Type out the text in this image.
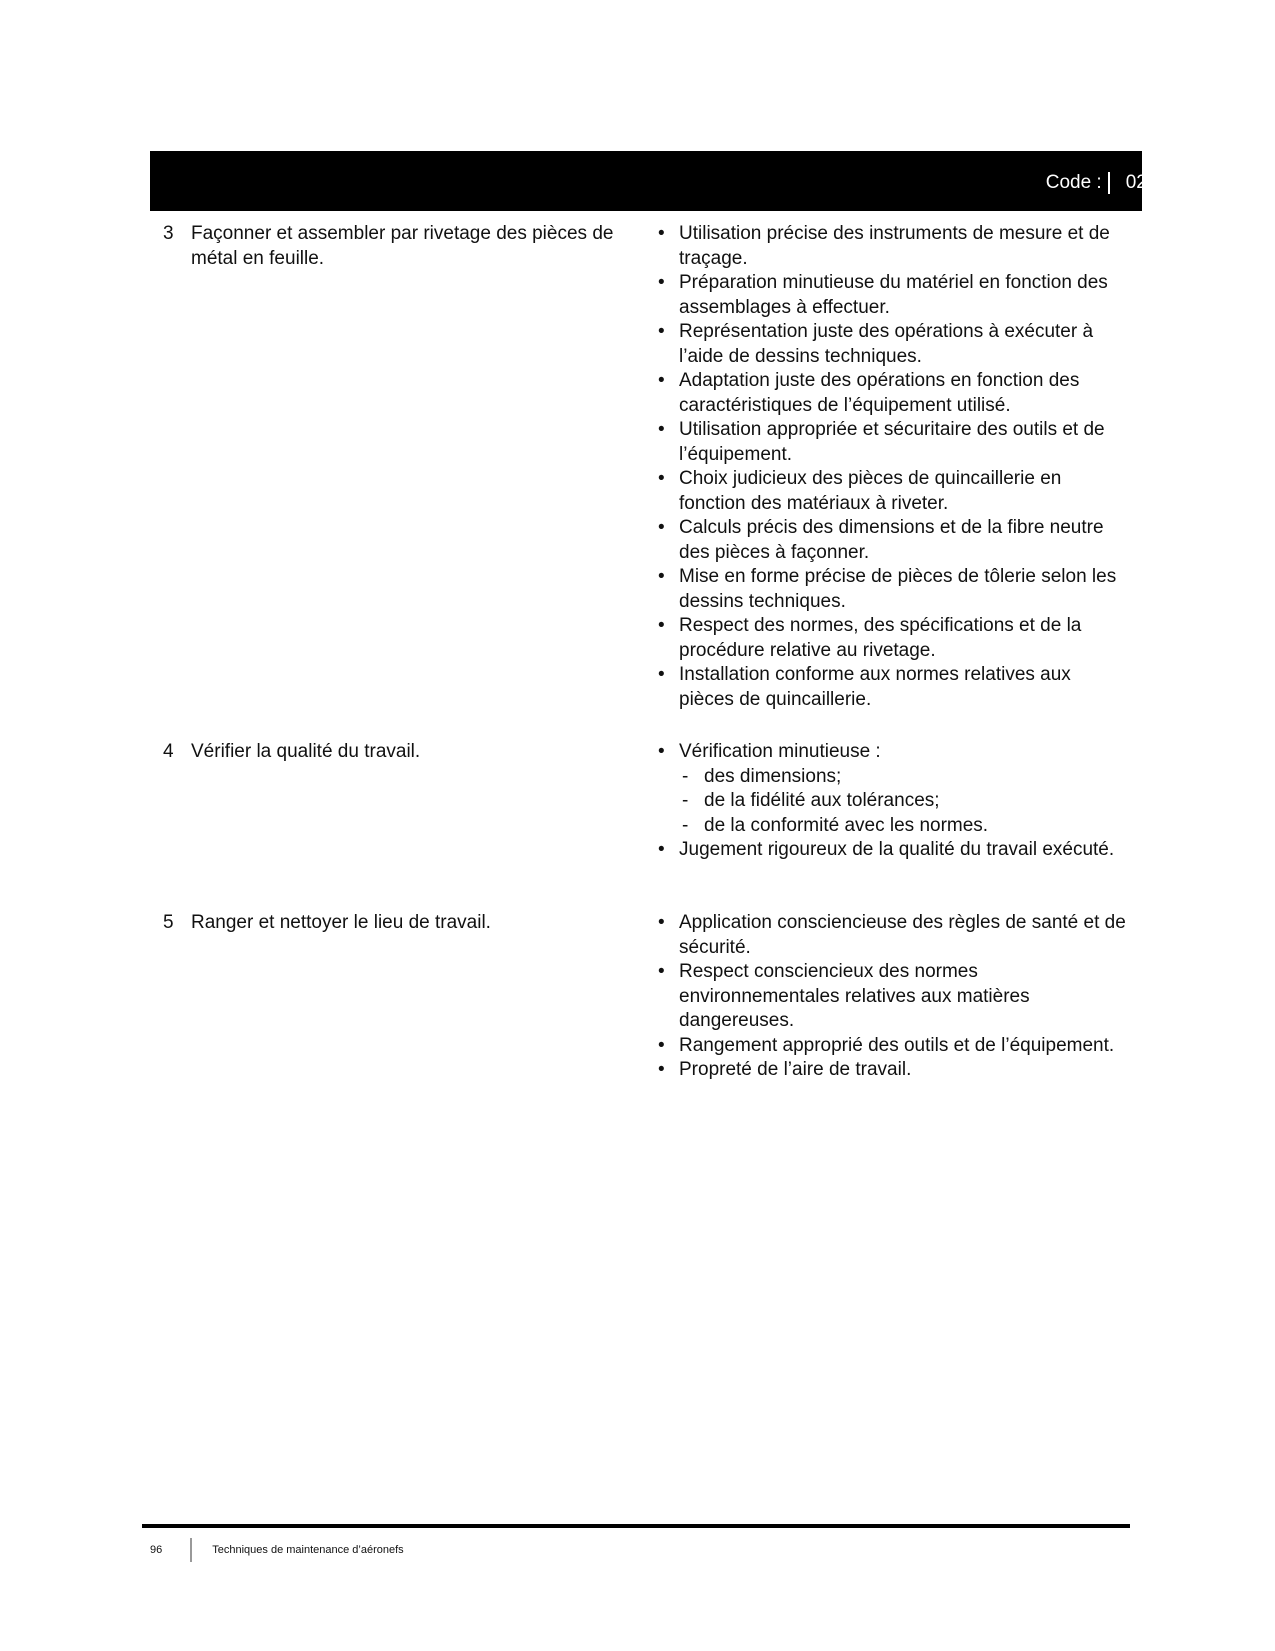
Code : 0252
3 Façonner et assembler par rivetage des pièces de métal en feuille.
• Utilisation précise des instruments de mesure et de traçage.
• Préparation minutieuse du matériel en fonction des assemblages à effectuer.
• Représentation juste des opérations à exécuter à l’aide de dessins techniques.
• Adaptation juste des opérations en fonction des caractéristiques de l’équipement utilisé.
• Utilisation appropriée et sécuritaire des outils et de l’équipement.
• Choix judicieux des pièces de quincaillerie en fonction des matériaux à riveter.
• Calculs précis des dimensions et de la fibre neutre des pièces à façonner.
• Mise en forme précise de pièces de tôlerie selon les dessins techniques.
• Respect des normes, des spécifications et de la procédure relative au rivetage.
• Installation conforme aux normes relatives aux pièces de quincaillerie.
4 Vérifier la qualité du travail.	• Vérification minutieuse :
- des dimensions;
- de la fidélité aux tolérances;
- de la conformité avec les normes.
• Jugement rigoureux de la qualité du travail exécuté.
5 Ranger et nettoyer le lieu de travail.	• Application consciencieuse des règles de santé et de sécurité.
• Respect consciencieux des normes environnementales relatives aux matières dangereuses.
• Rangement approprié des outils et de l’équipement.
• Propreté de l’aire de travail.
96	Techniques de maintenance d’aéronefs
